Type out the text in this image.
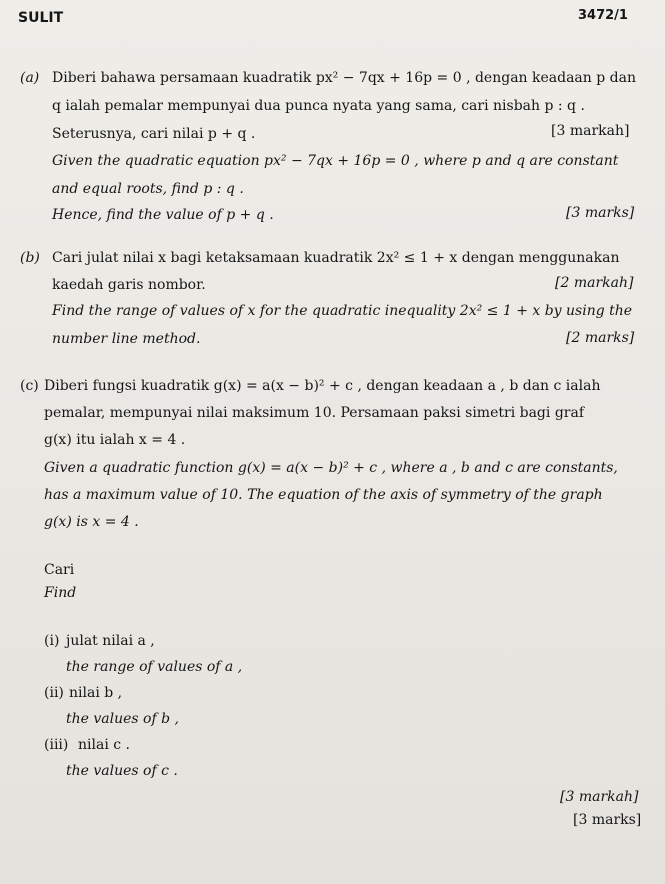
SULIT	3472/1
(a) Diberi bahawa persamaan kuadratik px² − 7qx + 16p = 0 , dengan keadaan p dan
q ialah pemalar mempunyai dua punca nyata yang sama, cari nisbah p : q .
Seterusnya, cari nilai p + q .	[3 markah]
Given the quadratic equation px² − 7qx + 16p = 0 , where p and q are constant
and equal roots, find p : q .
Hence, find the value of p + q .	[3 marks]
(b) Cari julat nilai x bagi ketaksamaan kuadratik 2x² ≤ 1 + x dengan menggunakan
kaedah garis nombor.	[2 markah]
Find the range of values of x for the quadratic inequality 2x² ≤ 1 + x by using the
number line method.	[2 marks]
(c) Diberi fungsi kuadratik g(x) = a(x − b)² + c , dengan keadaan a , b dan c ialah
pemalar, mempunyai nilai maksimum 10. Persamaan paksi simetri bagi graf
g(x) itu ialah x = 4 .
Given a quadratic function g(x) = a(x − b)² + c , where a , b and c are constants,
has a maximum value of 10. The equation of the axis of symmetry of the graph
g(x) is x = 4 .
Cari
Find
(i) julat nilai a ,
the range of values of a ,
(ii) nilai b ,
the values of b ,
(iii) nilai c .
the values of c .
[3 markah]
[3 marks]
